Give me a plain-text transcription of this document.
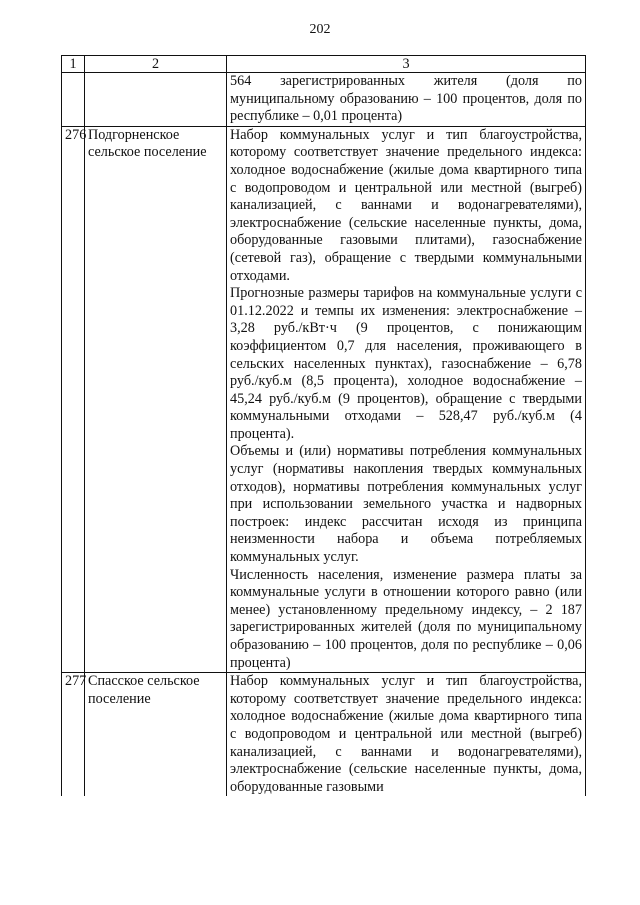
202
1	2	3

		564 зарегистрированных жителя (доля по муниципальному образованию – 100 процентов, доля по республике – 0,01 процента)

276	Подгорненское сельское поселение	Набор коммунальных услуг и тип благоустройства, которому соответствует значение предельного индекса: холодное водоснабжение (жилые дома квартирного типа с водопроводом и центральной или местной (выгреб) канализацией, с ваннами и водонагревателями), электроснабжение (сельские населенные пункты, дома, оборудованные газовыми плитами), газоснабжение (сетевой газ), обращение с твердыми коммунальными отходами.

Прогнозные размеры тарифов на коммунальные услуги с 01.12.2022 и темпы их изменения: электроснабжение – 3,28 руб./кВт·ч (9 процентов, с понижающим коэффициентом 0,7 для населения, проживающего в сельских населенных пунктах), газоснабжение – 6,78 руб./куб.м (8,5 процента), холодное водоснабжение – 45,24 руб./куб.м (9 процентов), обращение с твердыми коммунальными отходами – 528,47 руб./куб.м (4 процента).

Объемы и (или) нормативы потребления коммунальных услуг (нормативы накопления твердых коммунальных отходов), нормативы потребления коммунальных услуг при использовании земельного участка и надворных построек: индекс рассчитан исходя из принципа неизменности набора и объема потребляемых коммунальных услуг.

Численность населения, изменение размера платы за коммунальные услуги в отношении которого равно (или менее) установленному предельному индексу, – 2 187 зарегистрированных жителей (доля по муниципальному образованию – 100 процентов, доля по республике – 0,06 процента)

277	Спасское сельское поселение	Набор коммунальных услуг и тип благоустройства, которому соответствует значение предельного индекса: холодное водоснабжение (жилые дома квартирного типа с водопроводом и центральной или местной (выгреб) канализацией, с ваннами и водонагревателями), электроснабжение (сельские населенные пункты, дома, оборудованные газовыми
